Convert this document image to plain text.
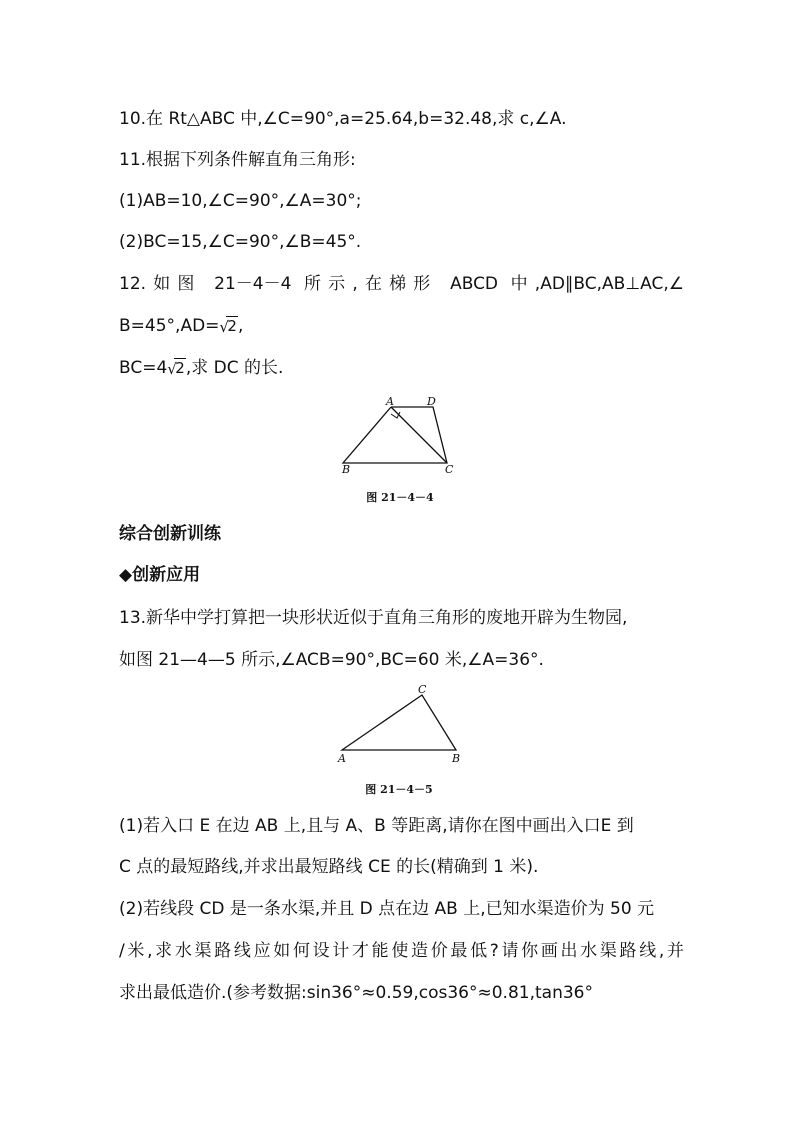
10.在 Rt△ABC 中,∠C=90°,a=25.64,b=32.48,求 c,∠A.
11.根据下列条件解直角三角形:
(1)AB=10,∠C=90°,∠A=30°;
(2)BC=15,∠C=90°,∠B=45°.
12.如图 21－4－4 所示,在梯形 ABCD 中,AD∥BC,AB⊥AC,∠
B=45°,AD= √
2,
BC=4 √
2,求 DC 的长.
A	D
B	C
图 21－4－4
综合创新训练
◆创新应用
13.新华中学打算把一块形状近似于直角三角形的废地开辟为生物园,
如图 21—4—5 所示,∠ACB=90°,BC=60 米,∠A=36°.
C
A	B
图 21－4－5
(1)若入口 E 在边 AB 上,且与 A、B 等距离,请你在图中画出入口E 到
C 点的最短路线,并求出最短路线 CE 的长(精确到 1 米).
(2)若线段 CD 是一条水渠,并且 D 点在边 AB 上,已知水渠造价为 50 元
/米,求水渠路线应如何设计才能使造价最低?请你画出水渠路线,并
求出最低造价.(参考数据:sin36°≈0.59,cos36°≈0.81,tan36°
